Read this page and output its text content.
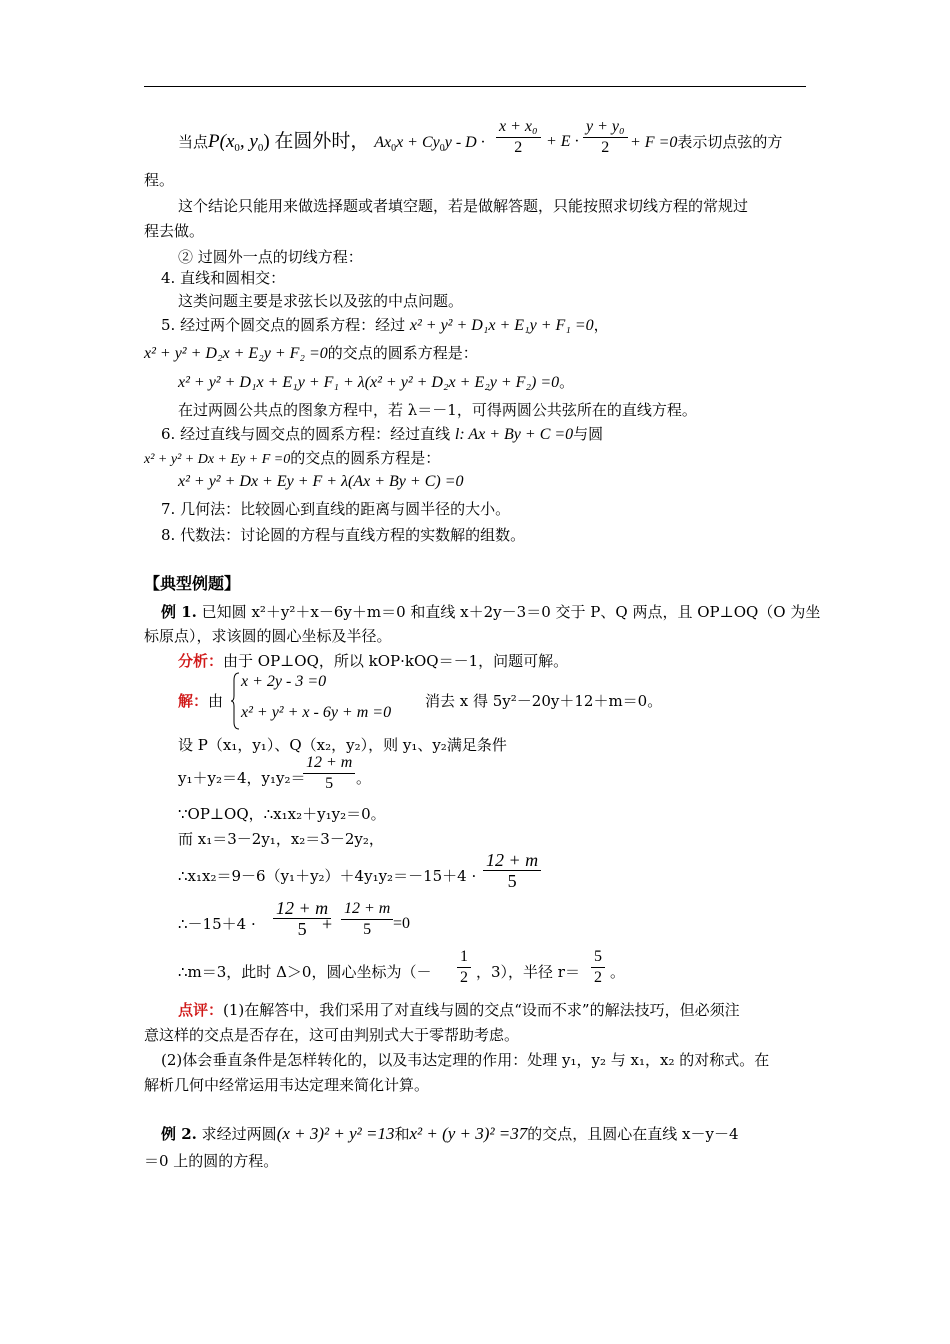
当点$P(x_0$, $y_0$) 在圆外时， $Ax_0x + Cy_0y - D \cdot \frac{\text{x + x₀}}{2} + E \cdot \frac{\text{y + y₀}}{2} + F =0$表示切点弦的方
程。
这个结论只能用来做选择题或者填空题，若是做解答题，只能按照求切线方程的常规过
程去做。
② 过圆外一点的切线方程：
4. 直线和圆相交：
这类问题主要是求弦长以及弦的中点问题。
5. 经过两个圆交点的圆系方程：经过 x² + y² + D₁x + E₁y + F₁ =0，
x² + y² + D₂x + E₂y + F₂ =0的交点的圆系方程是：
x² + y² + D₁x + E₁y + F₁ + λ(x² + y² + D₂x + E₂y + F₂) =0。
在过两圆公共点的图象方程中，若 λ＝－1，可得两圆公共弦所在的直线方程。
6. 经过直线与圆交点的圆系方程：经过直线 l: Ax + By + C =0与圆
x² + y² + Dx + Ey + F =0的交点的圆系方程是：
x² + y² + Dx + Ey + F + λ(Ax + By + C) =0
7. 几何法：比较圆心到直线的距离与圆半径的大小。
8. 代数法：讨论圆的方程与直线方程的实数解的组数。
【典型例题】
例 1. 已知圆 x²＋y²＋x－6y＋m＝0 和直线 x＋2y－3＝0 交于 P、Q 两点，且 OP⊥OQ（O 为坐
标原点），求该圆的圆心坐标及半径。
分析：由于 OP⊥OQ，所以 kOP·kOQ＝－1，问题可解。
解：由
x + 2y - 3 =0
x² + y² + x - 6y + m =0
消去 x 得 5y²－20y＋12＋m＝0。
设 P（x₁，y₁）、Q（x₂，y₂），则 y₁、y₂满足条件
y₁＋y₂＝4，y₁y₂＝
$\frac{12 + m}{5}$ 。
∵OP⊥OQ，∴x₁x₂＋y₁y₂＝0。
而 x₁＝3－2y₁，x₂＝3－2y₂，
∴x₁x₂＝9－6（y₁＋y₂）＋4y₁y₂＝－15＋4 · $\frac{12 + m}{5}$
∴－15＋4 · $\frac{12 + m}{5}$
+ $\frac{12 + m}{5} =0$
∴m＝3，此时 Δ＞0，圆心坐标为（－ $\frac{1}{2}$ ，3），半径 $r= \frac{5}{2}$ 。
点评：(1)在解答中，我们采用了对直线与圆的交点“设而不求”的解法技巧，但必须注
意这样的交点是否存在，这可由判别式大于零帮助考虑。
(2)体会垂直条件是怎样转化的，以及韦达定理的作用：处理 y₁，y₂ 与 x₁，x₂ 的对称式。在
解析几何中经常运用韦达定理来简化计算。
例 2. 求经过两圆(x + 3)² + y² =13和x² + (y + 3)² =37的交点，且圆心在直线 x－y－4
＝0 上的圆的方程。
